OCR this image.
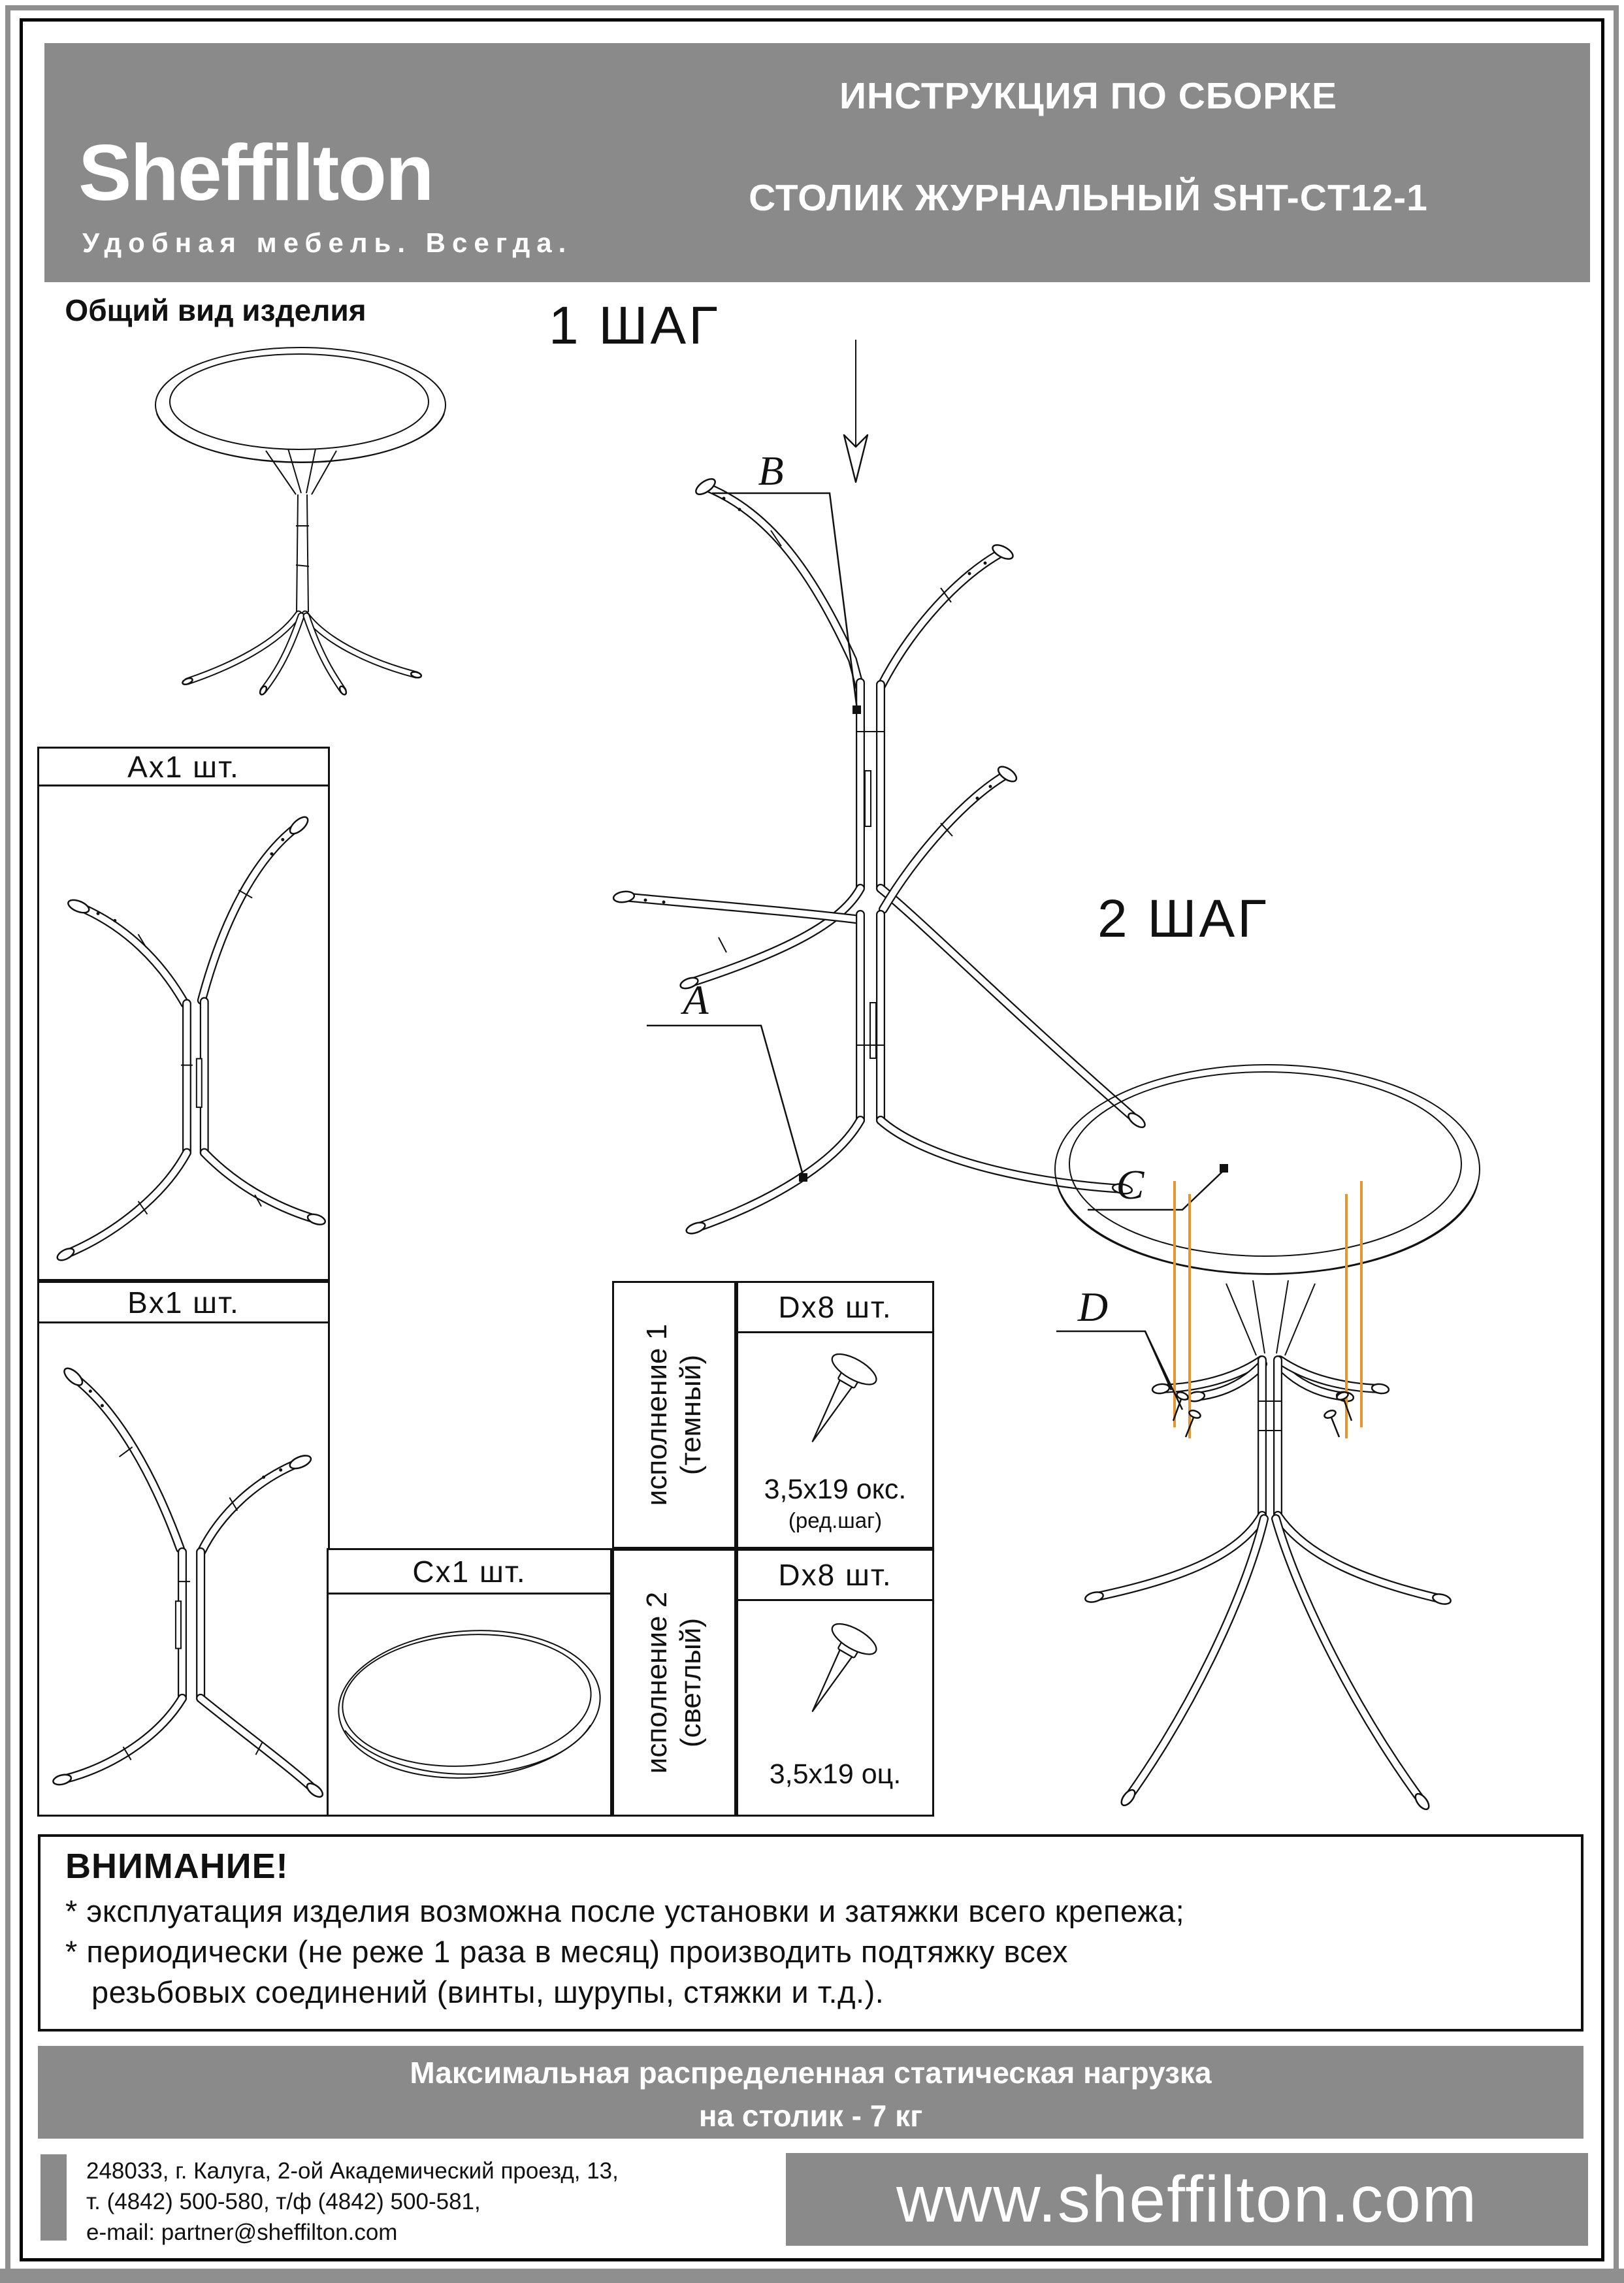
Sheffilton
Удобная мебель. Всегда.
ИНСТРУКЦИЯ ПО СБОРКЕ
СТОЛИК ЖУРНАЛЬНЫЙ SHT-CT12-1
Общий вид изделия	1 ШАГ
B
A
2 ШАГ
C
D
Ax1 шт.
Bx1 шт.
Cx1 шт.
исполнение 1 (темный)
Dx8 шт.
3,5x19 окс.
(ред.шаг)
исполнение 2 (светлый)
Dx8 шт.
3,5x19 оц.
ВНИМАНИЕ!
* эксплуатация изделия возможна после установки и затяжки всего крепежа;
* периодически (не реже 1 раза в месяц) производить подтяжку всех
резьбовых соединений (винты, шурупы, стяжки и т.д.).
Максимальная распределенная статическая нагрузка
на столик - 7 кг
248033, г. Калуга, 2-ой Академический проезд, 13,
т. (4842) 500-580, т/ф (4842) 500-581,
e-mail: partner@sheffilton.com	www.sheffilton.com
